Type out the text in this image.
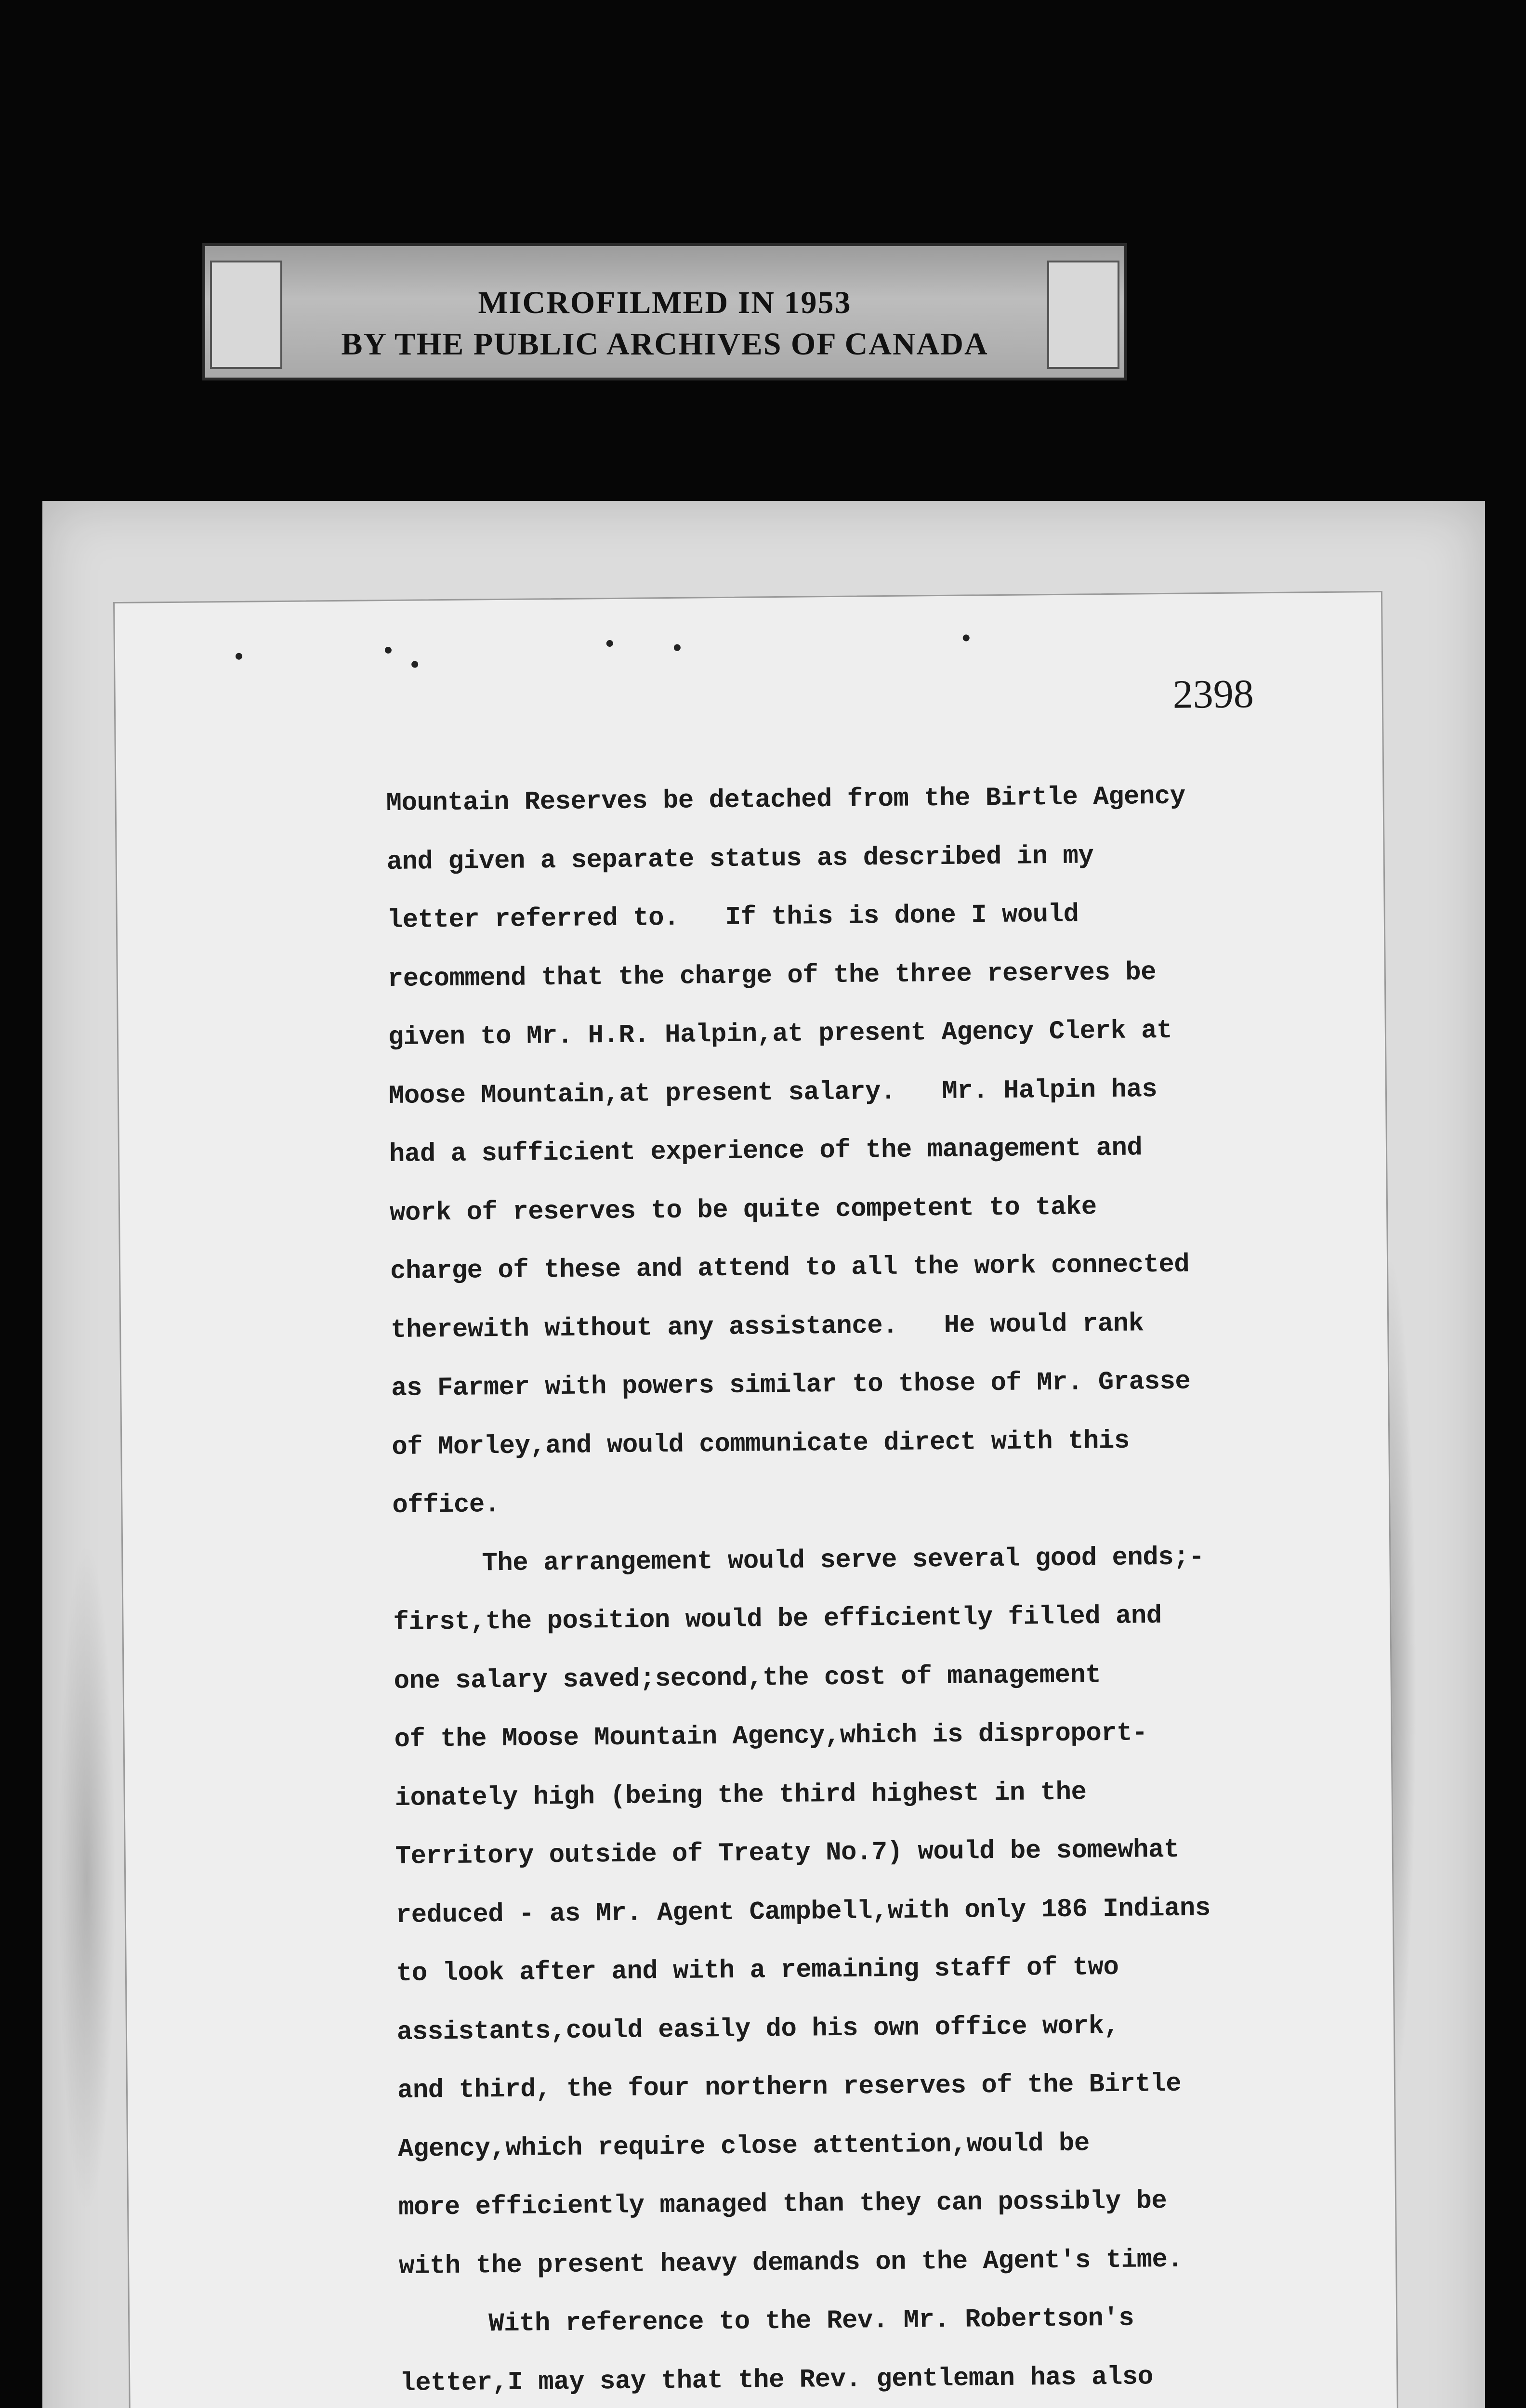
MICROFILMED IN 1953
BY THE PUBLIC ARCHIVES OF CANADA
2398
Mountain Reserves be detached from the Birtle Agency
and given a separate status as described in my
letter referred to.   If this is done I would
recommend that the charge of the three reserves be
given to Mr. H.R. Halpin,at present Agency Clerk at
Moose Mountain,at present salary.   Mr. Halpin has
had a sufficient experience of the management and
work of reserves to be quite competent to take
charge of these and attend to all the work connected
therewith without any assistance.   He would rank
as Farmer with powers similar to those of Mr. Grasse
of Morley,and would communicate direct with this
office.
The arrangement would serve several good ends;-
first,the position would be efficiently filled and
one salary saved;second,the cost of management
of the Moose Mountain Agency,which is disproport-
ionately high (being the third highest in the
Territory outside of Treaty No.7) would be somewhat
reduced - as Mr. Agent Campbell,with only 186 Indians
to look after and with a remaining staff of two
assistants,could easily do his own office work,
and third, the four northern reserves of the Birtle
Agency,which require close attention,would be
more efficiently managed than they can possibly be
with the present heavy demands on the Agent's time.
With reference to the Rev. Mr. Robertson's
letter,I may say that the Rev. gentleman has also
